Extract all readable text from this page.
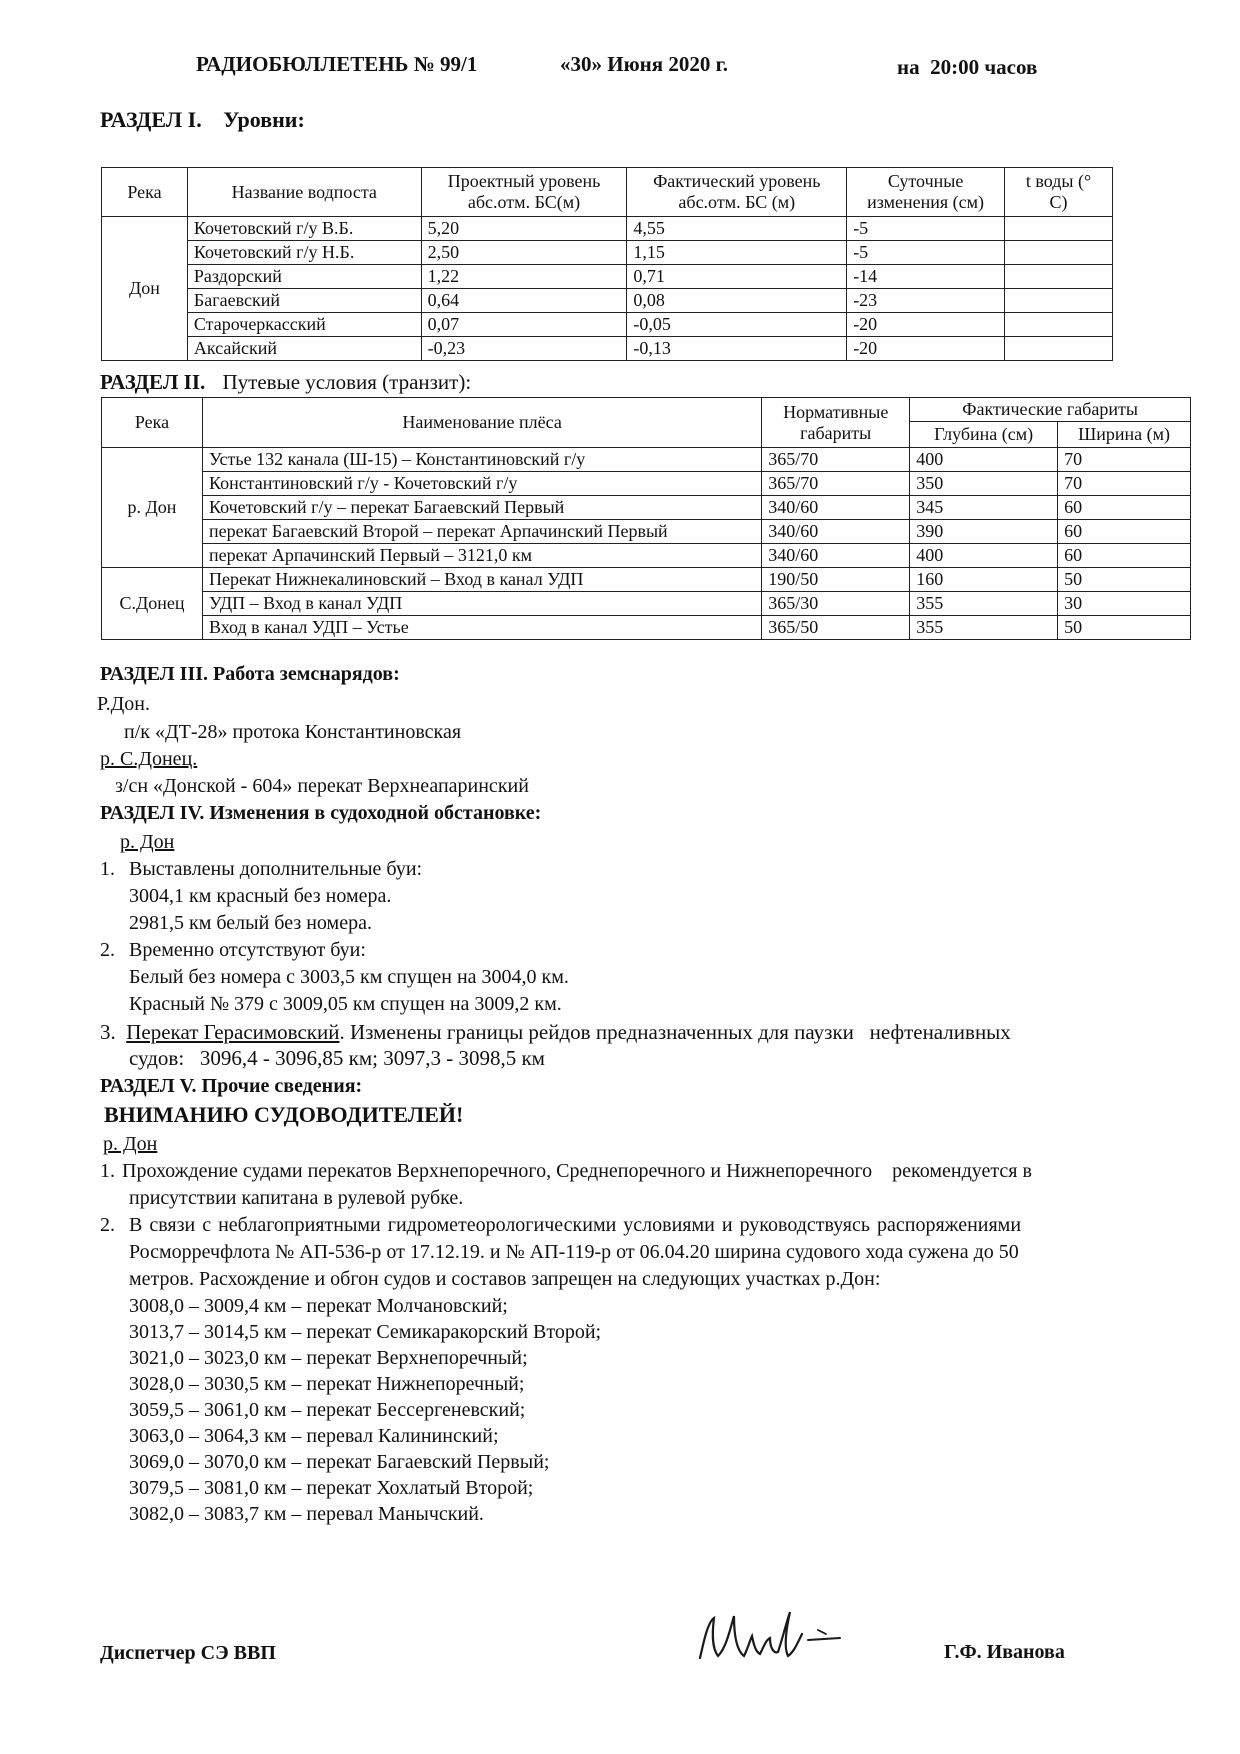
РАДИОБЮЛЛЕТЕНЬ № 99/1	«30» Июня 2020 г.	на  20:00 часов
РАЗДЕЛ I. Уровни:
Река	Название водпоста	Проектный уровень абс.отм. БС(м)	Фактический уровень абс.отм. БС (м)	Суточные изменения (см)	t воды (° С)
Дон	Кочетовский г/у В.Б.	5,20	4,55	-5	
	Кочетовский г/у Н.Б.	2,50	1,15	-5	
	Раздорский	1,22	0,71	-14	
	Багаевский	0,64	0,08	-23	
	Старочеркасский	0,07	-0,05	-20	
	Аксайский	-0,23	-0,13	-20	
РАЗДЕЛ II. Путевые условия (транзит):
Река	Наименование плёса	Нормативные габариты	Фактические габариты	
			Глубина (см)	Ширина (м)
р. Дон	Устье 132 канала (Ш-15) – Константиновский г/у	365/70	400	70
	Константиновский г/у - Кочетовский г/у	365/70	350	70
	Кочетовский г/у – перекат Багаевский Первый	340/60	345	60
	перекат Багаевский Второй – перекат Арпачинский Первый	340/60	390	60
	перекат Арпачинский Первый – 3121,0 км	340/60	400	60
С.Донец	Перекат Нижнекалиновский – Вход в канал УДП	190/50	160	50
	УДП – Вход в канал УДП	365/30	355	30
	Вход в канал УДП – Устье	365/50	355	50
РАЗДЕЛ III. Работа земснарядов:
Р.Дон.
п/к «ДТ-28» протока Константиновская
р. С.Донец.
з/сн «Донской - 604» перекат Верхнеапаринский
РАЗДЕЛ IV. Изменения в судоходной обстановке:
р. Дон
1. Выставлены дополнительные буи:
3004,1 км красный без номера.
2981,5 км белый без номера.
2. Временно отсутствуют буи:
Белый без номера с 3003,5 км спущен на 3004,0 км.
Красный № 379 с 3009,05 км спущен на 3009,2 км.
3. Перекат Герасимовский. Изменены границы рейдов предназначенных для паузки   нефтеналивных
судов:   3096,4 - 3096,85 км; 3097,3 - 3098,5 км
РАЗДЕЛ V. Прочие сведения:
ВНИМАНИЮ СУДОВОДИТЕЛЕЙ!
р. Дон
1. Прохождение судами перекатов Верхнепоречного, Среднепоречного и Нижнепоречного    рекомендуется в
присутствии капитана в рулевой рубке.
2. В связи с неблагоприятными гидрометеорологическими условиями и руководствуясь распоряжениями
Росморречфлота № АП-536-р от 17.12.19. и № АП-119-р от 06.04.20 ширина судового хода сужена до 50
метров. Расхождение и обгон судов и составов запрещен на следующих участках р.Дон:
3008,0 – 3009,4 км – перекат Молчановский;
3013,7 – 3014,5 км – перекат Семикаракорский Второй;
3021,0 – 3023,0 км – перекат Верхнепоречный;
3028,0 – 3030,5 км – перекат Нижнепоречный;
3059,5 – 3061,0 км – перекат Бессергеневский;
3063,0 – 3064,3 км – перевал Калининский;
3069,0 – 3070,0 км – перекат Багаевский Первый;
3079,5 – 3081,0 км – перекат Хохлатый Второй;
3082,0 – 3083,7 км – перевал Манычский.
Диспетчер СЭ ВВП	Г.Ф. Иванова
